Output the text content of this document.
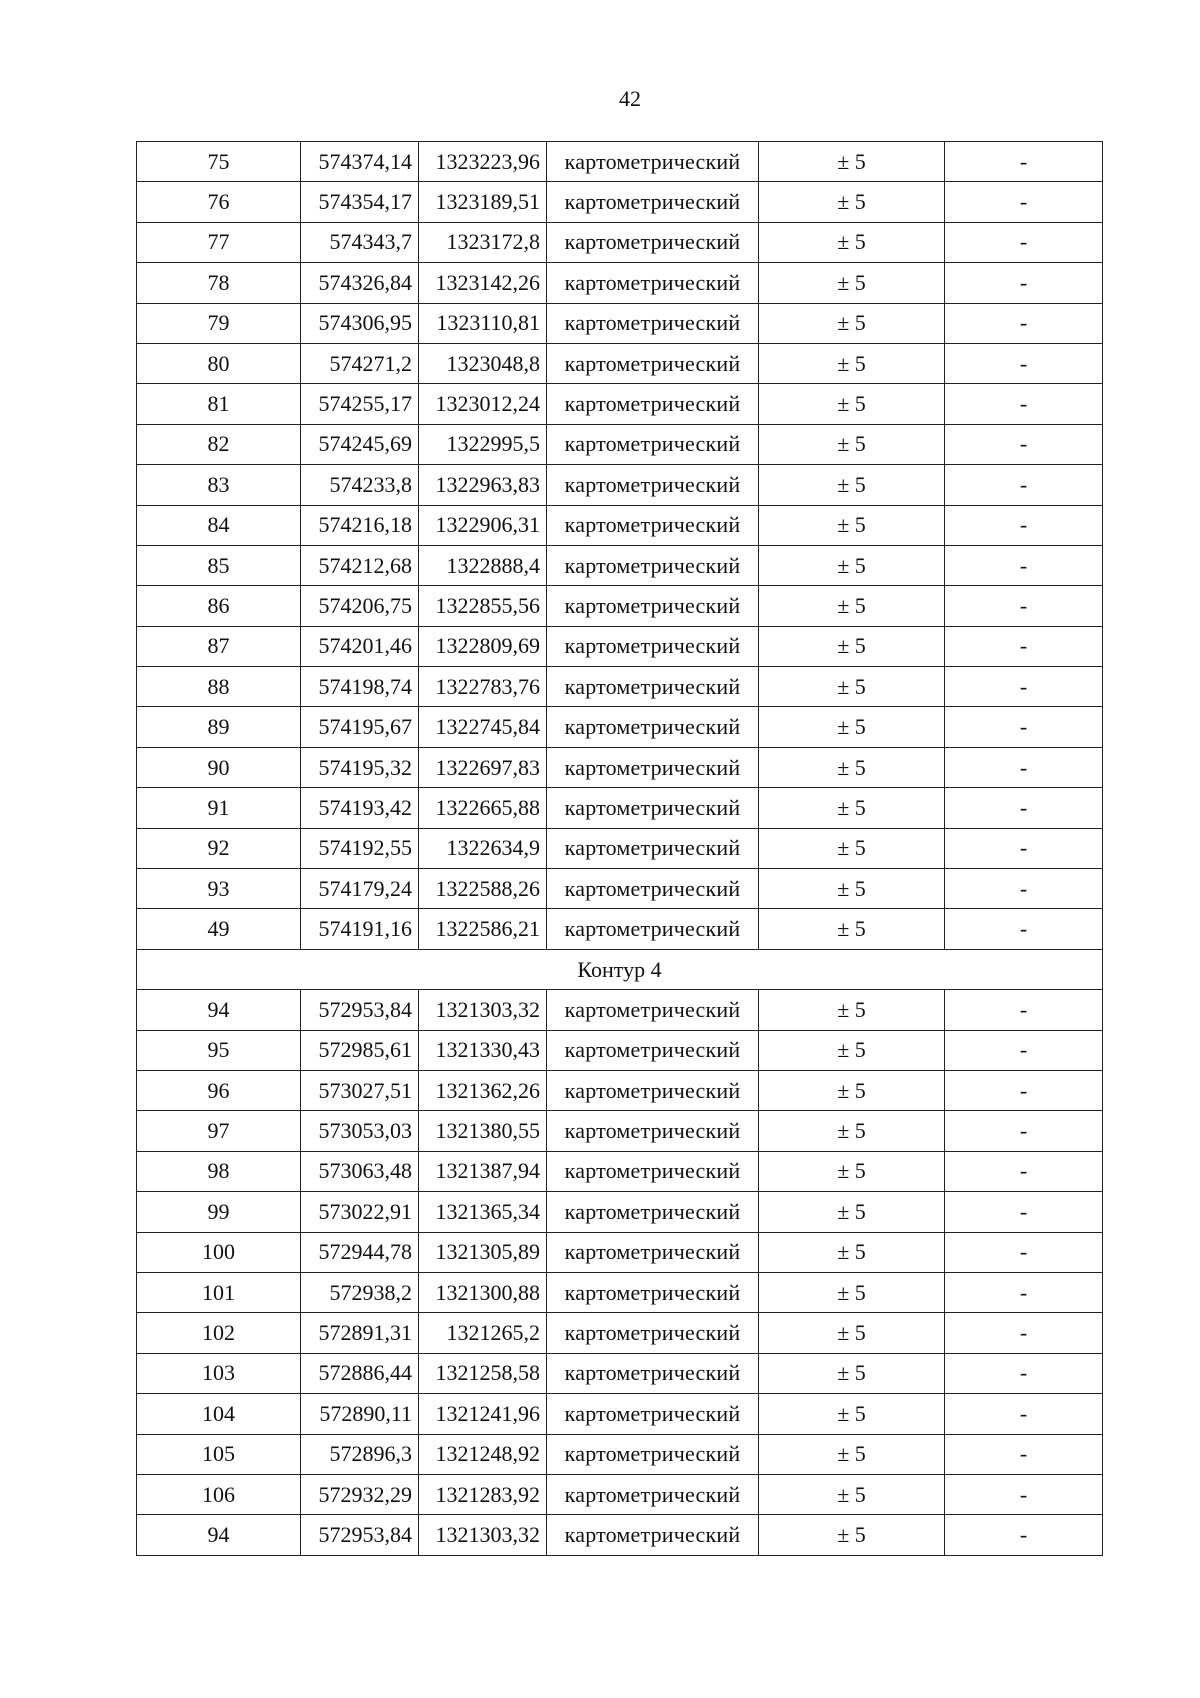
42
75	574374,14	1323223,96	картометрический	± 5	-
76	574354,17	1323189,51	картометрический	± 5	-
77	574343,7	1323172,8	картометрический	± 5	-
78	574326,84	1323142,26	картометрический	± 5	-
79	574306,95	1323110,81	картометрический	± 5	-
80	574271,2	1323048,8	картометрический	± 5	-
81	574255,17	1323012,24	картометрический	± 5	-
82	574245,69	1322995,5	картометрический	± 5	-
83	574233,8	1322963,83	картометрический	± 5	-
84	574216,18	1322906,31	картометрический	± 5	-
85	574212,68	1322888,4	картометрический	± 5	-
86	574206,75	1322855,56	картометрический	± 5	-
87	574201,46	1322809,69	картометрический	± 5	-
88	574198,74	1322783,76	картометрический	± 5	-
89	574195,67	1322745,84	картометрический	± 5	-
90	574195,32	1322697,83	картометрический	± 5	-
91	574193,42	1322665,88	картометрический	± 5	-
92	574192,55	1322634,9	картометрический	± 5	-
93	574179,24	1322588,26	картометрический	± 5	-
49	574191,16	1322586,21	картометрический	± 5	-
Контур 4					
94	572953,84	1321303,32	картометрический	± 5	-
95	572985,61	1321330,43	картометрический	± 5	-
96	573027,51	1321362,26	картометрический	± 5	-
97	573053,03	1321380,55	картометрический	± 5	-
98	573063,48	1321387,94	картометрический	± 5	-
99	573022,91	1321365,34	картометрический	± 5	-
100	572944,78	1321305,89	картометрический	± 5	-
101	572938,2	1321300,88	картометрический	± 5	-
102	572891,31	1321265,2	картометрический	± 5	-
103	572886,44	1321258,58	картометрический	± 5	-
104	572890,11	1321241,96	картометрический	± 5	-
105	572896,3	1321248,92	картометрический	± 5	-
106	572932,29	1321283,92	картометрический	± 5	-
94	572953,84	1321303,32	картометрический	± 5	-
